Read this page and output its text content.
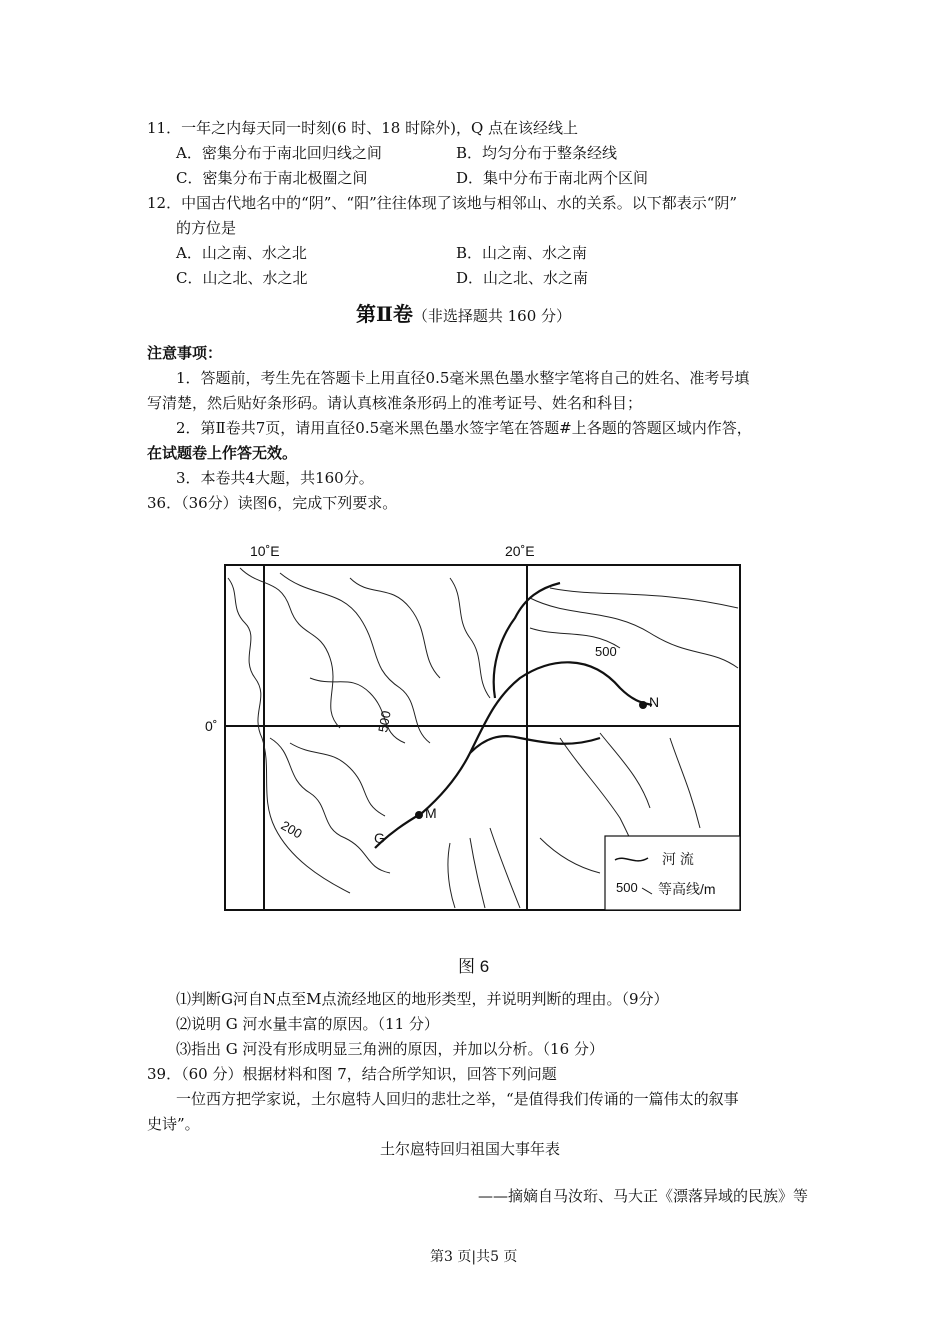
11．一年之内每天同一时刻(6 时、18 时除外)，Q 点在该经线上
A．密集分布于南北回归线之间	B．均匀分布于整条经线
C．密集分布于南北极圈之间	D．集中分布于南北两个区间
12．中国古代地名中的“阴”、“阳”往往体现了该地与相邻山、水的关系。以下都表示“阴”
的方位是
A．山之南、水之北	B．山之南、水之南
C．山之北、水之北	D．山之北、水之南
第Ⅱ卷（非选择题共 160 分）
注意事项：
1．答题前，考生先在答题卡上用直径0.5毫米黑色墨水整字笔将自己的姓名、准考号填
写清楚，然后贴好条形码。请认真核准条形码上的准考证号、姓名和科目；
2．第Ⅱ卷共7页，请用直径0.5毫米黑色墨水签字笔在答题#上各题的答题区域内作答，
在试题卷上作答无效。
3．本卷共4大题，共160分。
36．（36分）读图6，完成下列要求。
500
500
200
N
M
G
10˚E	20˚E
0˚
河 流
500 等高线/m
图 6
⑴判断G河自N点至M点流经地区的地形类型，并说明判断的理由。（9分）
⑵说明 G 河水量丰富的原因。（11 分）
⑶指出 G 河没有形成明显三角洲的原因，并加以分析。（16 分）
39．（60 分）根据材料和图 7，结合所学知识，回答下列问题
一位西方把学家说，土尔扈特人回归的悲壮之举，“是值得我们传诵的一篇伟太的叙事
史诗”。
土尔扈特回归祖国大事年表
——摘嫡自马汝珩、马大正《漂落异域的民族》等
第3 页|共5 页
